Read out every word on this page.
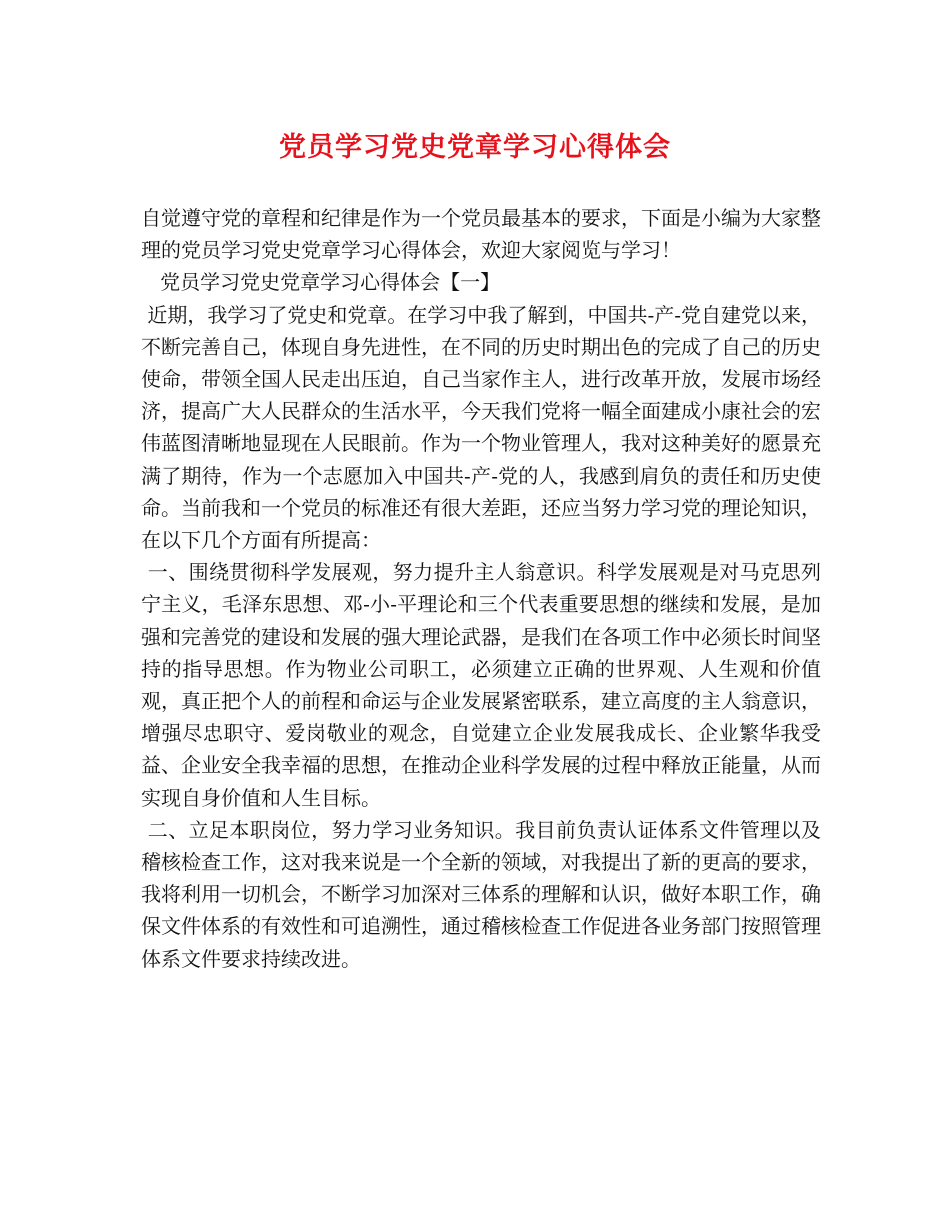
党员学习党史党章学习心得体会

自觉遵守党的章程和纪律是作为一个党员最基本的要求，下面是小编为大家整理的党员学习党史党章学习心得体会，欢迎大家阅览与学习！

党员学习党史党章学习心得体会【一】

近期，我学习了党史和党章。在学习中我了解到，中国共-产-党自建党以来，不断完善自己，体现自身先进性，在不同的历史时期出色的完成了自己的历史使命，带领全国人民走出压迫，自己当家作主人，进行改革开放，发展市场经济，提高广大人民群众的生活水平，今天我们党将一幅全面建成小康社会的宏伟蓝图清晰地显现在人民眼前。作为一个物业管理人，我对这种美好的愿景充满了期待，作为一个志愿加入中国共-产-党的人，我感到肩负的责任和历史使命。当前我和一个党员的标准还有很大差距，还应当努力学习党的理论知识，在以下几个方面有所提高：

一、围绕贯彻科学发展观，努力提升主人翁意识。科学发展观是对马克思列宁主义，毛泽东思想、邓-小-平理论和三个代表重要思想的继续和发展，是加强和完善党的建设和发展的强大理论武器，是我们在各项工作中必须长时间坚持的指导思想。作为物业公司职工，必须建立正确的世界观、人生观和价值观，真正把个人的前程和命运与企业发展紧密联系，建立高度的主人翁意识，增强尽忠职守、爱岗敬业的观念，自觉建立企业发展我成长、企业繁华我受益、企业安全我幸福的思想，在推动企业科学发展的过程中释放正能量，从而实现自身价值和人生目标。

二、立足本职岗位，努力学习业务知识。我目前负责认证体系文件管理以及稽核检查工作，这对我来说是一个全新的领域，对我提出了新的更高的要求，我将利用一切机会，不断学习加深对三体系的理解和认识，做好本职工作，确保文件体系的有效性和可追溯性，通过稽核检查工作促进各业务部门按照管理体系文件要求持续改进。
